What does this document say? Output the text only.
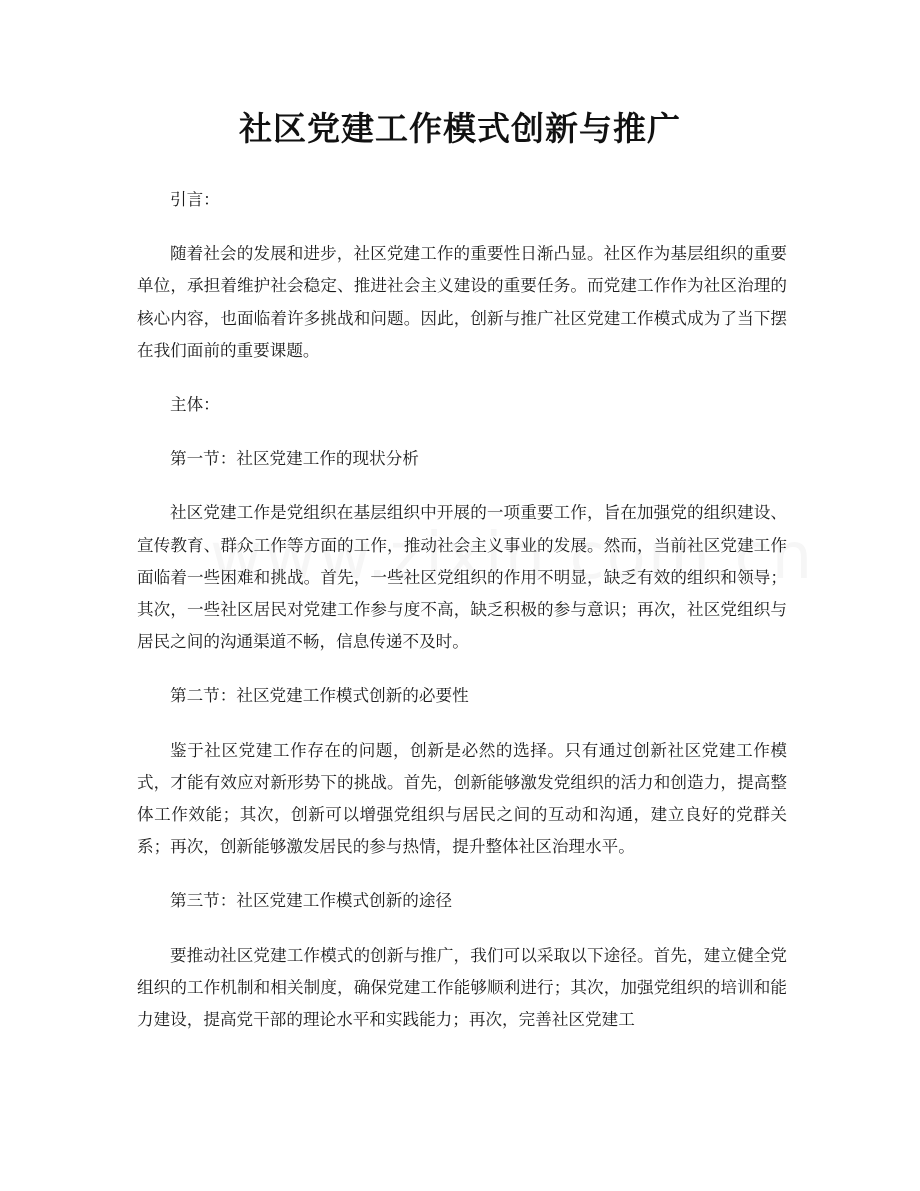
社区党建工作模式创新与推广

引言：

随着社会的发展和进步，社区党建工作的重要性日渐凸显。社区作为基层组织的重要单位，承担着维护社会稳定、推进社会主义建设的重要任务。而党建工作作为社区治理的核心内容，也面临着许多挑战和问题。因此，创新与推广社区党建工作模式成为了当下摆在我们面前的重要课题。

主体：

第一节：社区党建工作的现状分析

社区党建工作是党组织在基层组织中开展的一项重要工作，旨在加强党的组织建设、宣传教育、群众工作等方面的工作，推动社会主义事业的发展。然而，当前社区党建工作面临着一些困难和挑战。首先，一些社区党组织的作用不明显，缺乏有效的组织和领导；其次，一些社区居民对党建工作参与度不高，缺乏积极的参与意识；再次，社区党组织与居民之间的沟通渠道不畅，信息传递不及时。

第二节：社区党建工作模式创新的必要性

鉴于社区党建工作存在的问题，创新是必然的选择。只有通过创新社区党建工作模式，才能有效应对新形势下的挑战。首先，创新能够激发党组织的活力和创造力，提高整体工作效能；其次，创新可以增强党组织与居民之间的互动和沟通，建立良好的党群关系；再次，创新能够激发居民的参与热情，提升整体社区治理水平。

第三节：社区党建工作模式创新的途径

要推动社区党建工作模式的创新与推广，我们可以采取以下途径。首先，建立健全党组织的工作机制和相关制度，确保党建工作能够顺利进行；其次，加强党组织的培训和能力建设，提高党干部的理论水平和实践能力；再次，完善社区党建工
